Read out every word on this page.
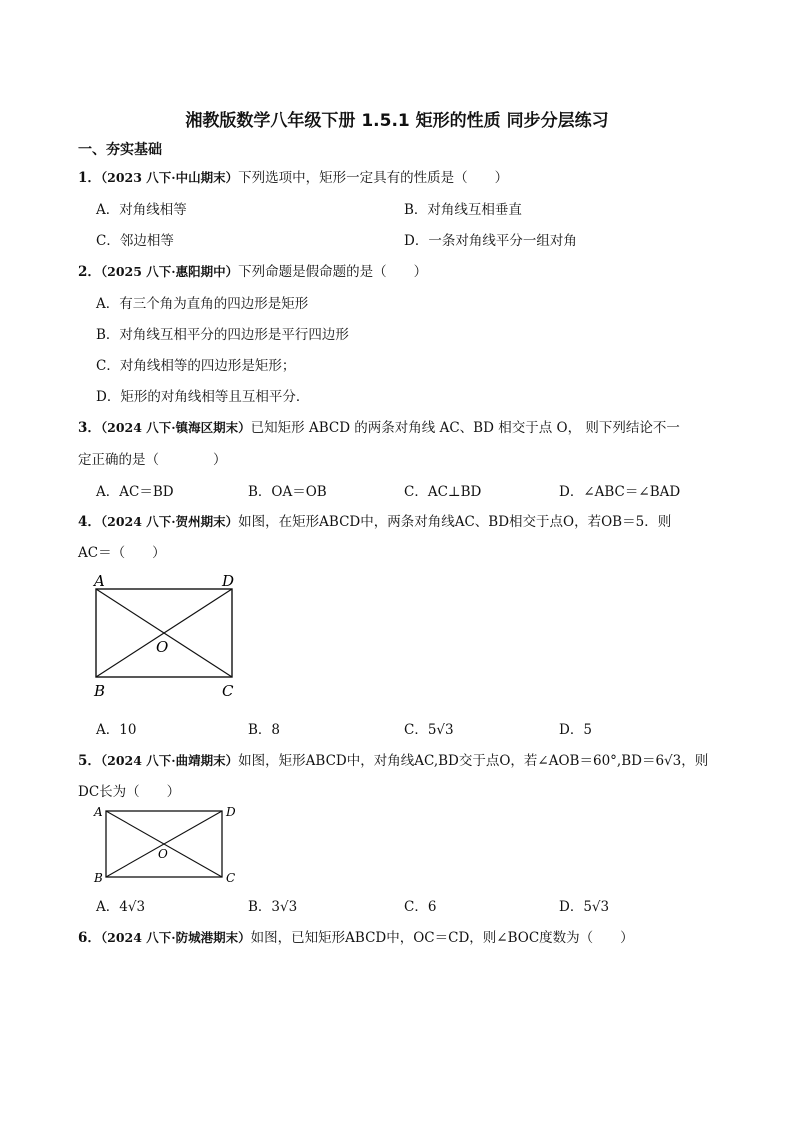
湘教版数学八年级下册 1.5.1 矩形的性质 同步分层练习
一、夯实基础
1．（2023 八下·中山期末）下列选项中，矩形一定具有的性质是（　　）
A．对角线相等	B．对角线互相垂直
C．邻边相等	D．一条对角线平分一组对角
2．（2025 八下·惠阳期中）下列命题是假命题的是（　　）
A．有三个角为直角的四边形是矩形
B．对角线互相平分的四边形是平行四边形
C．对角线相等的四边形是矩形；
D．矩形的对角线相等且互相平分．
3．（2024 八下·镇海区期末）已知矩形 ABCD 的两条对角线 AC、BD 相交于点 O， 则下列结论不一
定正确的是（　　　　）
A．AC＝BD	B．OA＝OB	C．AC⊥BD	D．∠ABC＝∠BAD
4．（2024 八下·贺州期末）如图，在矩形ABCD中，两条对角线AC、BD相交于点O，若OB＝5．则
AC＝（　　）
A	D
O
B	C
A．10	B．8	C．5√3	D．5
5．（2024 八下·曲靖期末）如图，矩形ABCD中，对角线AC,BD交于点O，若∠AOB＝60°,BD＝6√3，则
DC长为（　　）
A	D
O
B	C
A．4√3	B．3√3	C．6	D．5√3
6．（2024 八下·防城港期末）如图，已知矩形ABCD中，OC＝CD，则∠BOC度数为（　　）
